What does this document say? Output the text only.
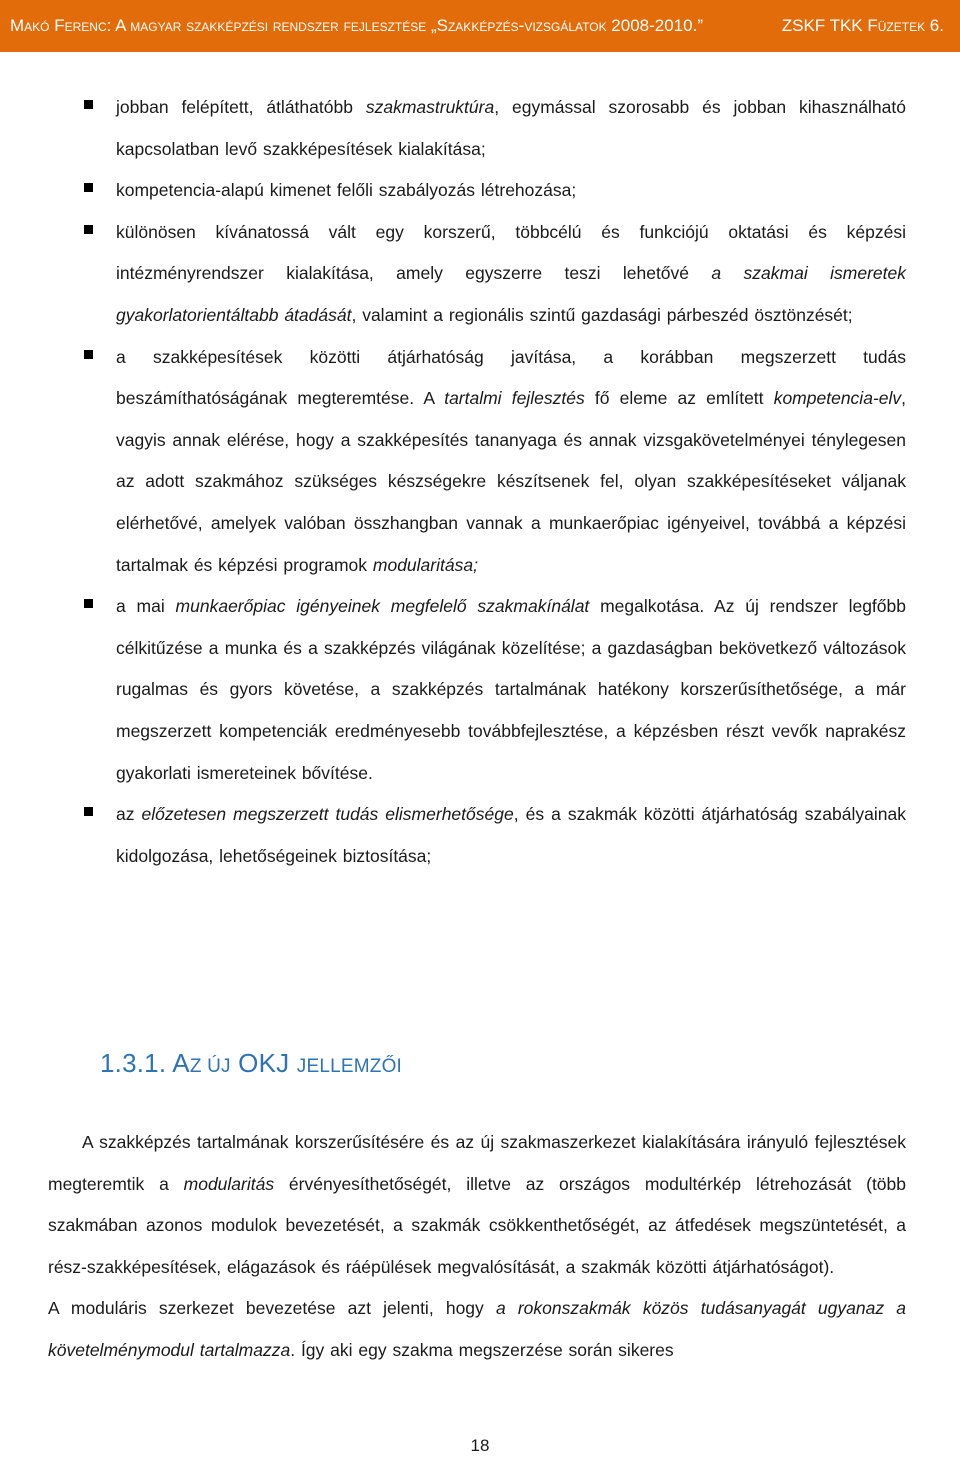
Makó Ferenc: A magyar szakképzési rendszer fejlesztése „Szakképzés-vizsgálatok 2008-2010.”	ZSKF TKK Füzetek 6.

jobban felépített, átláthatóbb szakmastruktúra, egymással szorosabb és jobban kihasználható kapcsolatban levő szakképesítések kialakítása;

kompetencia-alapú kimenet felőli szabályozás létrehozása;

különösen kívánatossá vált egy korszerű, többcélú és funkciójú oktatási és képzési intézményrendszer kialakítása, amely egyszerre teszi lehetővé a szakmai ismeretek gyakorlatorientáltabb átadását, valamint a regionális szintű gazdasági párbeszéd ösztönzését;

a szakképesítések közötti átjárhatóság javítása, a korábban megszerzett tudás beszámíthatóságának megteremtése. A tartalmi fejlesztés fő eleme az említett kompetencia-elv, vagyis annak elérése, hogy a szakképesítés tananyaga és annak vizsgakövetelményei ténylegesen az adott szakmához szükséges készségekre készítsenek fel, olyan szakképesítéseket váljanak elérhetővé, amelyek valóban összhangban vannak a munkaerőpiac igényeivel, továbbá a képzési tartalmak és képzési programok modularitása;

a mai munkaerőpiac igényeinek megfelelő szakmakínálat megalkotása. Az új rendszer legfőbb célkitűzése a munka és a szakképzés világának közelítése; a gazdaságban bekövetkező változások rugalmas és gyors követése, a szakképzés tartalmának hatékony korszerűsíthetősége, a már megszerzett kompetenciák eredményesebb továbbfejlesztése, a képzésben részt vevők naprakész gyakorlati ismereteinek bővítése.

az előzetesen megszerzett tudás elismerhetősége, és a szakmák közötti átjárhatóság szabályainak kidolgozása, lehetőségeinek biztosítása;

1.3.1. AZ ÚJ OKJ JELLEMZŐI

A szakképzés tartalmának korszerűsítésére és az új szakmaszerkezet kialakítására irányuló fejlesztések megteremtik a modularitás érvényesíthetőségét, illetve az országos modultérkép létrehozását (több szakmában azonos modulok bevezetését, a szakmák csökkenthetőségét, az átfedések megszüntetését, a rész-szakképesítések, elágazások és ráépülések megvalósítását, a szakmák közötti átjárhatóságot).

A moduláris szerkezet bevezetése azt jelenti, hogy a rokonszakmák közös tudásanyagát ugyanaz a követelménymodul tartalmazza. Így aki egy szakma megszerzése során sikeres

18
